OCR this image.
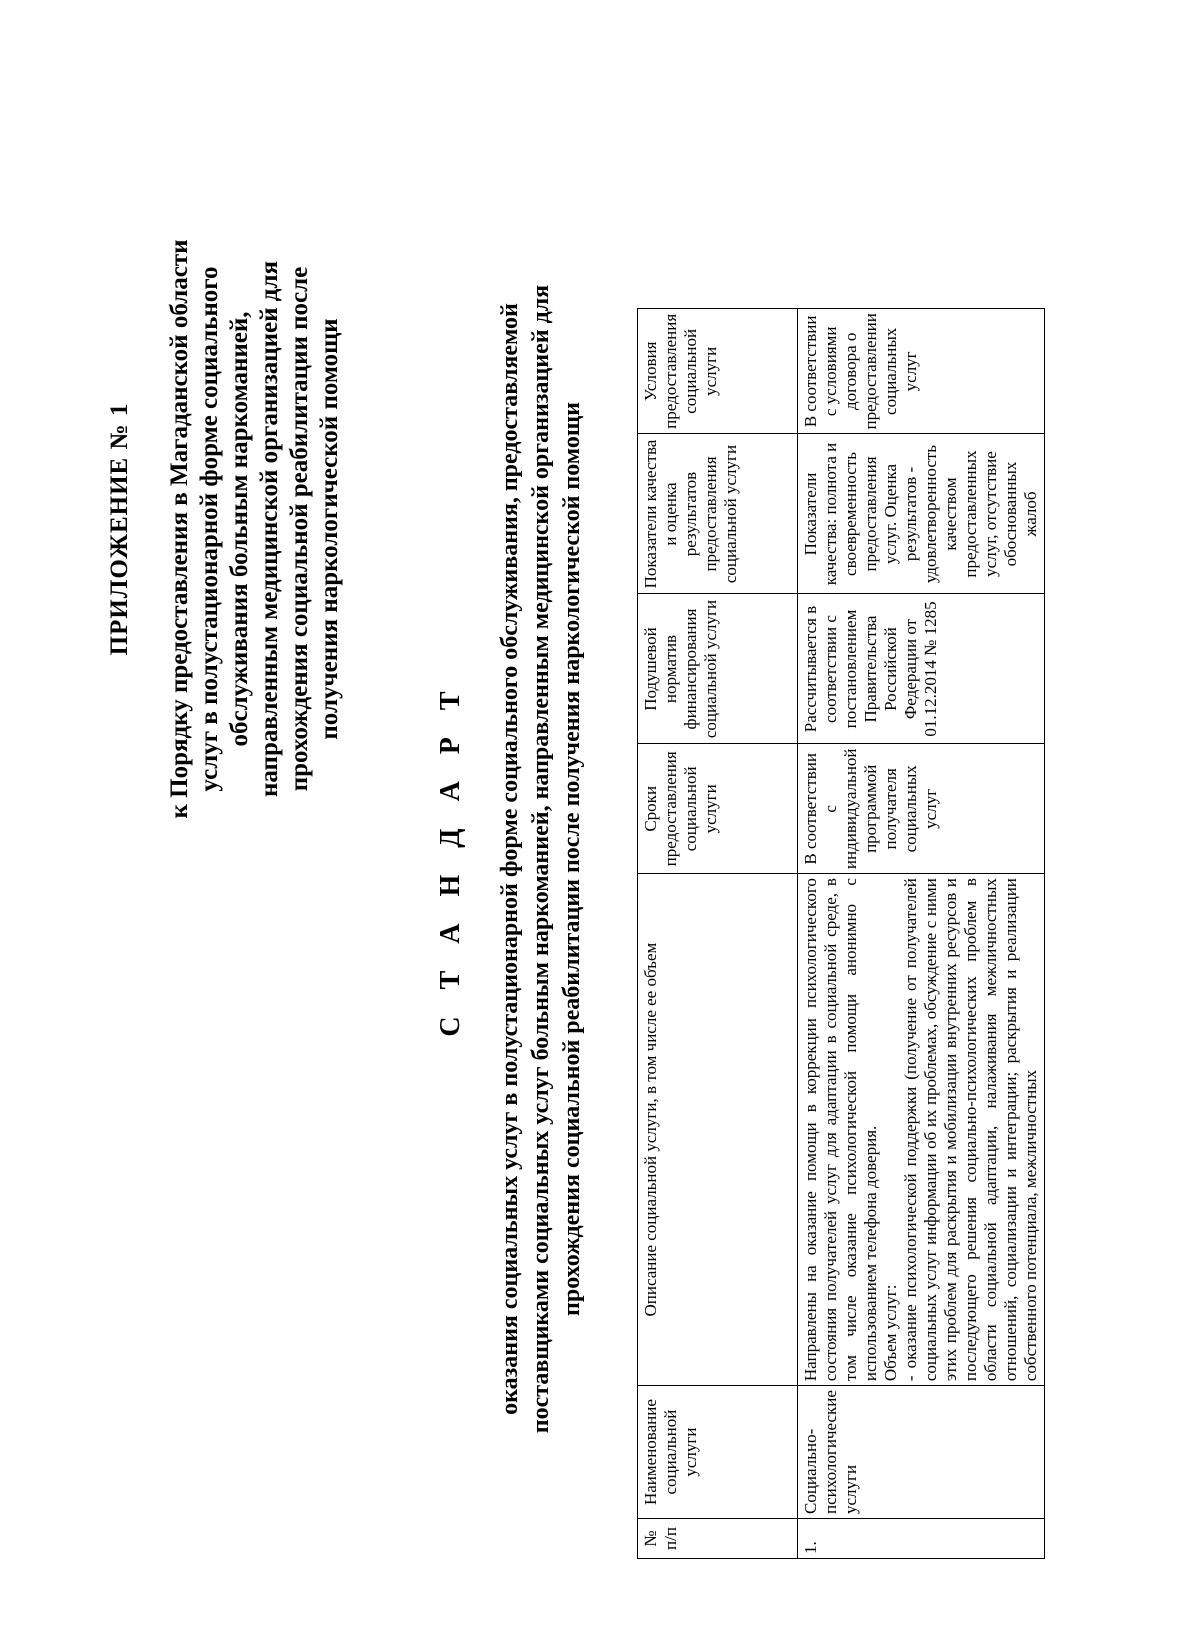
ПРИЛОЖЕНИЕ № 1 к Порядку предоставления в Магаданской области услуг в полустационарной форме социального обслуживания больным наркоманией, направленным медицинской организацией для прохождения социальной реабилитации после получения наркологической помощи
С Т А Н Д А Р Т оказания социальных услуг в полустационарной форме социального обслуживания, предоставляемой поставщиками социальных услуг больным наркоманией, направленным медицинской организацией для прохождения социальной реабилитации после получения наркологической помощи
№ п/п	Наименование социальной услуги	Описание социальной услуги, в том числе ее объем	Сроки предоставления социальной услуги	Подушевой норматив финансирования социальной услуги	Показатели качества и оценка результатов предоставления социальной услуги	Условия предоставления социальной услуги
1.	Социально-психологические услуги	Направлены на оказание помощи в коррекции психологического состояния получателей услуг для адаптации в социальной среде, в том числе оказание психологической помощи анонимно с использованием телефона доверия. Объем услуг: - оказание психологической поддержки (получение от получателей социальных услуг информации об их проблемах, обсуждение с ними этих проблем для раскрытия и мобилизации внутренних ресурсов и последующего решения социально-психологических проблем в области социальной адаптации, налаживания межличностных отношений, социализации и интеграции; раскрытия и реализации собственного потенциала, межличностных	В соответствии с индивидуальной программой получателя социальных услуг	Рассчитывается в соответствии с постановлением Правительства Российской Федерации от 01.12.2014 № 1285	Показатели качества: полнота и своевременность предоставления услуг. Оценка результатов - удовлетворенность качеством предоставленных услуг, отсутствие обоснованных жалоб	В соответствии с условиями договора о предоставлении социальных услуг
